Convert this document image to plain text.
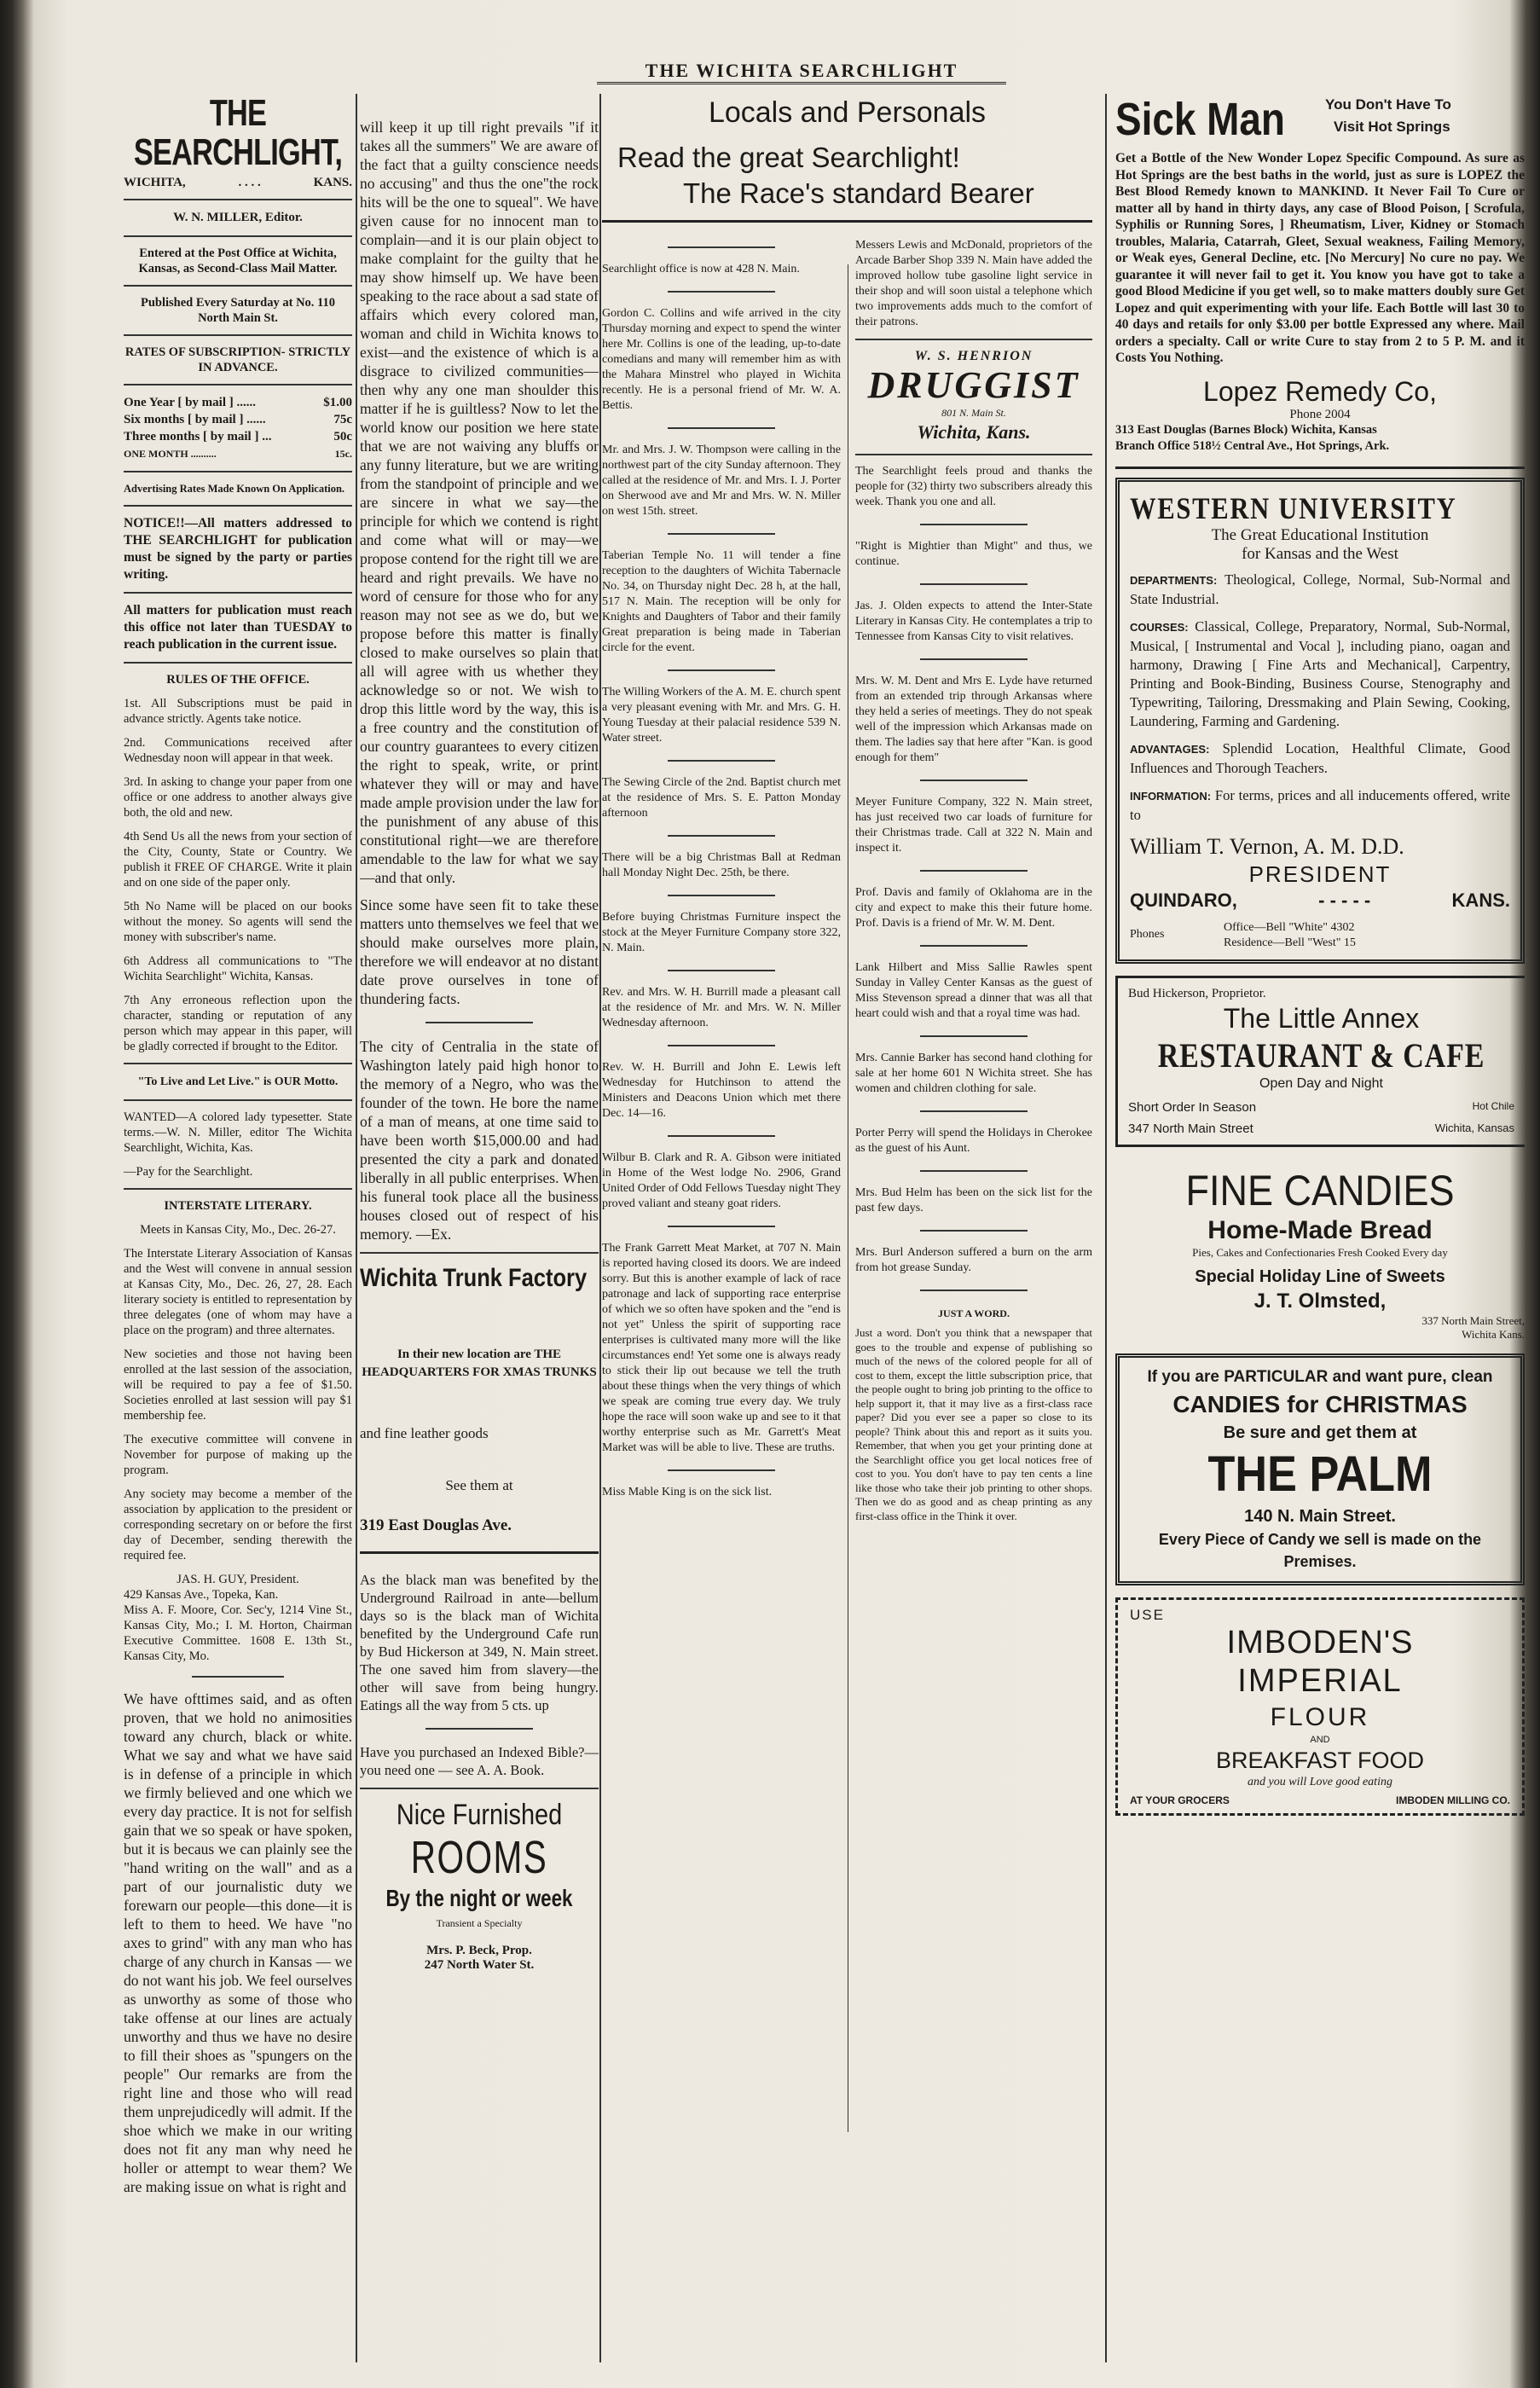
THE WICHITA SEARCHLIGHT
THE SEARCHLIGHT,
WICHITA,	. . . .	KANS.

W. N. MILLER, Editor.

Entered at the Post Office at Wichita, Kansas, as Second-Class Mail Matter.

Published Every Saturday at No. 110 North Main St.

RATES OF SUBSCRIPTION- STRICTLY IN ADVANCE.

One Year [ by mail ] ......	$1.00
Six months [ by mail ] ......	75c
Three months [ by mail ] ...	50c
ONE MONTH ..........	15c.

Advertising Rates Made Known On Application.

NOTICE!!—All matters addressed to THE SEARCHLIGHT for publication must be signed by the party or parties writing.

All matters for publication must reach this office not later than TUESDAY to reach publication in the current issue.

RULES OF THE OFFICE.

1st. All Subscriptions must be paid in advance strictly. Agents take notice.

2nd. Communications received after Wednesday noon will appear in that week.

3rd. In asking to change your paper from one office or one address to another always give both, the old and new.

4th Send Us all the news from your section of the City, County, State or Country. We publish it FREE OF CHARGE. Write it plain and on one side of the paper only.

5th No Name will be placed on our books without the money. So agents will send the money with subscriber's name.

6th Address all communications to "The Wichita Searchlight" Wichita, Kansas.

7th Any erroneous reflection upon the character, standing or reputation of any person which may appear in this paper, will be gladly corrected if brought to the Editor.

"To Live and Let Live." is OUR Motto.

WANTED—A colored lady typesetter. State terms.—W. N. Miller, editor The Wichita Searchlight, Wichita, Kas.

—Pay for the Searchlight.

INTERSTATE LITERARY.

Meets in Kansas City, Mo., Dec. 26-27.

The Interstate Literary Association of Kansas and the West will convene in annual session at Kansas City, Mo., Dec. 26, 27, 28. Each literary society is entitled to representation by three delegates (one of whom may have a place on the program) and three alternates.

New societies and those not having been enrolled at the last session of the association, will be required to pay a fee of $1.50. Societies enrolled at last session will pay $1 membership fee.

The executive committee will convene in November for purpose of making up the program.

Any society may become a member of the association by application to the president or corresponding secretary on or before the first day of December, sending therewith the required fee.

JAS. H. GUY, President.

429 Kansas Ave., Topeka, Kan.

Miss A. F. Moore, Cor. Sec'y, 1214 Vine St., Kansas City, Mo.; I. M. Horton, Chairman Executive Committee. 1608 E. 13th St., Kansas City, Mo.

We have ofttimes said, and as often proven, that we hold no animosities toward any church, black or white. What we say and what we have said is in defense of a principle in which we firmly believed and one which we every day practice. It is not for selfish gain that we so speak or have spoken, but it is becaus we can plainly see the "hand writing on the wall" and as a part of our journalistic duty we forewarn our people—this done—it is left to them to heed. We have "no axes to grind" with any man who has charge of any church in Kansas — we do not want his job. We feel ourselves as unworthy as some of those who take offense at our lines are actualy unworthy and thus we have no desire to fill their shoes as "spungers on the people" Our remarks are from the right line and those who will read them unprejudicedly will admit. If the shoe which we make in our writing does not fit any man why need he holler or attempt to wear them? We are making issue on what is right and

will keep it up till right prevails "if it takes all the summers" We are aware of the fact that a guilty conscience needs no accusing" and thus the one"the rock hits will be the one to squeal". We have given cause for no innocent man to complain—and it is our plain object to make complaint for the guilty that he may show himself up. We have been speaking to the race about a sad state of affairs which every colored man, woman and child in Wichita knows to exist—and the existence of which is a disgrace to civilized communities—then why any one man shoulder this matter if he is guiltless? Now to let the world know our position we here state that we are not waiving any bluffs or any funny literature, but we are writing from the standpoint of principle and we are sincere in what we say—the principle for which we contend is right and come what will or may—we propose contend for the right till we are heard and right prevails. We have no word of censure for those who for any reason may not see as we do, but we propose before this matter is finally closed to make ourselves so plain that all will agree with us whether they acknowledge so or not. We wish to drop this little word by the way, this is a free country and the constitution of our country guarantees to every citizen the right to speak, write, or print whatever they will or may and have made ample provision under the law for the punishment of any abuse of this constitutional right—we are therefore amendable to the law for what we say—and that only.

Since some have seen fit to take these matters unto themselves we feel that we should make ourselves more plain, therefore we will endeavor at no distant date prove ourselves in tone of thundering facts.

The city of Centralia in the state of Washington lately paid high honor to the memory of a Negro, who was the founder of the town. He bore the name of a man of means, at one time said to have been worth $15,000.00 and had presented the city a park and donated liberally in all public enterprises. When his funeral took place all the business houses closed out of respect of his memory. —Ex.

Wichita Trunk Factory

In their new location are THE HEADQUARTERS FOR XMAS TRUNKS

and fine leather goods

See them at

319 East Douglas Ave.

As the black man was benefited by the Underground Railroad in ante—bellum days so is the black man of Wichita benefited by the Underground Cafe run by Bud Hickerson at 349, N. Main street. The one saved him from slavery—the other will save from being hungry. Eatings all the way from 5 cts. up

Have you purchased an Indexed Bible?—you need one — see A. A. Book.

Nice Furnished
ROOMS
By the night or week
Transient a Specialty
Mrs. P. Beck, Prop.
247 North Water St.
Locals and Personals
Read the great Searchlight!
The Race's standard Bearer

Searchlight office is now at 428 N. Main.

Gordon C. Collins and wife arrived in the city Thursday morning and expect to spend the winter here Mr. Collins is one of the leading, up-to-date comedians and many will remember him as with the Mahara Minstrel who played in Wichita recently. He is a personal friend of Mr. W. A. Bettis.

Mr. and Mrs. J. W. Thompson were calling in the northwest part of the city Sunday afternoon. They called at the residence of Mr. and Mrs. I. J. Porter on Sherwood ave and Mr and Mrs. W. N. Miller on west 15th. street.

Taberian Temple No. 11 will tender a fine reception to the daughters of Wichita Tabernacle No. 34, on Thursday night Dec. 28 h, at the hall, 517 N. Main. The reception will be only for Knights and Daughters of Tabor and their family Great preparation is being made in Taberian circle for the event.

The Willing Workers of the A. M. E. church spent a very pleasant evening with Mr. and Mrs. G. H. Young Tuesday at their palacial residence 539 N. Water street.

The Sewing Circle of the 2nd. Baptist church met at the residence of Mrs. S. E. Patton Monday afternoon

There will be a big Christmas Ball at Redman hall Monday Night Dec. 25th, be there.

Before buying Christmas Furniture inspect the stock at the Meyer Furniture Company store 322, N. Main.

Rev. and Mrs. W. H. Burrill made a pleasant call at the residence of Mr. and Mrs. W. N. Miller Wednesday afternoon.

Rev. W. H. Burrill and John E. Lewis left Wednesday for Hutchinson to attend the Ministers and Deacons Union which met there Dec. 14—16.

Wilbur B. Clark and R. A. Gibson were initiated in Home of the West lodge No. 2906, Grand United Order of Odd Fellows Tuesday night They proved valiant and steany goat riders.

The Frank Garrett Meat Market, at 707 N. Main is reported having closed its doors. We are indeed sorry. But this is another example of lack of race patronage and lack of supporting race enterprise of which we so often have spoken and the "end is not yet" Unless the spirit of supporting race enterprises is cultivated many more will the like circumstances end! Yet some one is always ready to stick their lip out because we tell the truth about these things when the very things of which we speak are coming true every day. We truly hope the race will soon wake up and see to it that worthy enterprise such as Mr. Garrett's Meat Market was will be able to live. These are truths.

Miss Mable King is on the sick list.

Messers Lewis and McDonald, proprietors of the Arcade Barber Shop 339 N. Main have added the improved hollow tube gasoline light service in their shop and will soon uistal a telephone which two improvements adds much to the comfort of their patrons.

W. S. HENRION
DRUGGIST
801 N. Main St.
Wichita, Kans.

The Searchlight feels proud and thanks the people for (32) thirty two subscribers already this week. Thank you one and all.

"Right is Mightier than Might" and thus, we continue.

Jas. J. Olden expects to attend the Inter-State Literary in Kansas City. He contemplates a trip to Tennessee from Kansas City to visit relatives.

Mrs. W. M. Dent and Mrs E. Lyde have returned from an extended trip through Arkansas where they held a series of meetings. They do not speak well of the impression which Arkansas made on them. The ladies say that here after "Kan. is good enough for them"

Meyer Funiture Company, 322 N. Main street, has just received two car loads of furniture for their Christmas trade. Call at 322 N. Main and inspect it.

Prof. Davis and family of Oklahoma are in the city and expect to make this their future home. Prof. Davis is a friend of Mr. W. M. Dent.

Lank Hilbert and Miss Sallie Rawles spent Sunday in Valley Center Kansas as the guest of Miss Stevenson spread a dinner that was all that heart could wish and that a royal time was had.

Mrs. Cannie Barker has second hand clothing for sale at her home 601 N Wichita street. She has women and children clothing for sale.

Porter Perry will spend the Holidays in Cherokee as the guest of his Aunt.

Mrs. Bud Helm has been on the sick list for the past few days.

Mrs. Burl Anderson suffered a burn on the arm from hot grease Sunday.

JUST A WORD.

Just a word. Don't you think that a newspaper that goes to the trouble and expense of publishing so much of the news of the colored people for all of cost to them, except the little subscription price, that the people ought to bring job printing to the office to help support it, that it may live as a first-class race paper? Did you ever see a paper so close to its people? Think about this and report as it suits you. Remember, that when you get your printing done at the Searchlight office you get local notices free of cost to you. You don't have to pay ten cents a line like those who take their job printing to other shops. Then we do as good and as cheap printing as any first-class office in the Think it over.

Sick Man	You Don't Have To
Visit Hot Springs

Get a Bottle of the New Wonder Lopez Specific Compound. As sure as Hot Springs are the best baths in the world, just as sure is LOPEZ the Best Blood Remedy known to MANKIND. It Never Fail To Cure or matter all by hand in thirty days, any case of Blood Poison, [ Scrofula, Syphilis or Running Sores, ] Rheumatism, Liver, Kidney or Stomach troubles, Malaria, Catarrah, Gleet, Sexual weakness, Failing Memory, or Weak eyes, General Decline, etc. [No Mercury] No cure no pay. We guarantee it will never fail to get it. You know you have got to take a good Blood Medicine if you get well, so to make matters doubly sure Get Lopez and quit experimenting with your life. Each Bottle will last 30 to 40 days and retails for only $3.00 per bottle Expressed any where. Mail orders a specialty. Call or write Cure to stay from 2 to 5 P. M. and it Costs You Nothing.

Lopez Remedy Co,
Phone 2004
313 East Douglas (Barnes Block) Wichita, Kansas
Branch Office 518½ Central Ave., Hot Springs, Ark.
WESTERN UNIVERSITY
The Great Educational Institution
for Kansas and the West

DEPARTMENTS: Theological, College, Normal, Sub-Normal and State Industrial.

COURSES: Classical, College, Preparatory, Normal, Sub-Normal, Musical, [ Instrumental and Vocal ], including piano, oagan and harmony, Drawing [ Fine Arts and Mechanical], Carpentry, Printing and Book-Binding, Business Course, Stenography and Typewriting, Tailoring, Dressmaking and Plain Sewing, Cooking, Laundering, Farming and Gardening.

ADVANTAGES: Splendid Location, Healthful Climate, Good Influences and Thorough Teachers.

INFORMATION: For terms, prices and all inducements offered, write to

William T. Vernon, A. M. D.D.
PRESIDENT
QUINDARO,	- - - - -	KANS.
Phones
Office—Bell "White" 4302
Residence—Bell "West" 15
Bud Hickerson, Proprietor.
The Little Annex
RESTAURANT & CAFE
Open Day and Night
Short Order In Season	Hot Chile
347 North Main Street	Wichita, Kansas
FINE CANDIES
Home-Made Bread
Pies, Cakes and Confectionaries Fresh Cooked Every day
Special Holiday Line of Sweets
J. T. Olmsted,
337 North Main Street,
Wichita Kans.
If you are PARTICULAR and want pure, clean
CANDIES for CHRISTMAS
Be sure and get them at
THE PALM
140 N. Main Street.
Every Piece of Candy we sell is made on the Premises.
USE
IMBODEN'S
IMPERIAL
FLOUR
AND
BREAKFAST FOOD
and you will Love good eating
AT YOUR GROCERS	IMBODEN MILLING CO.
